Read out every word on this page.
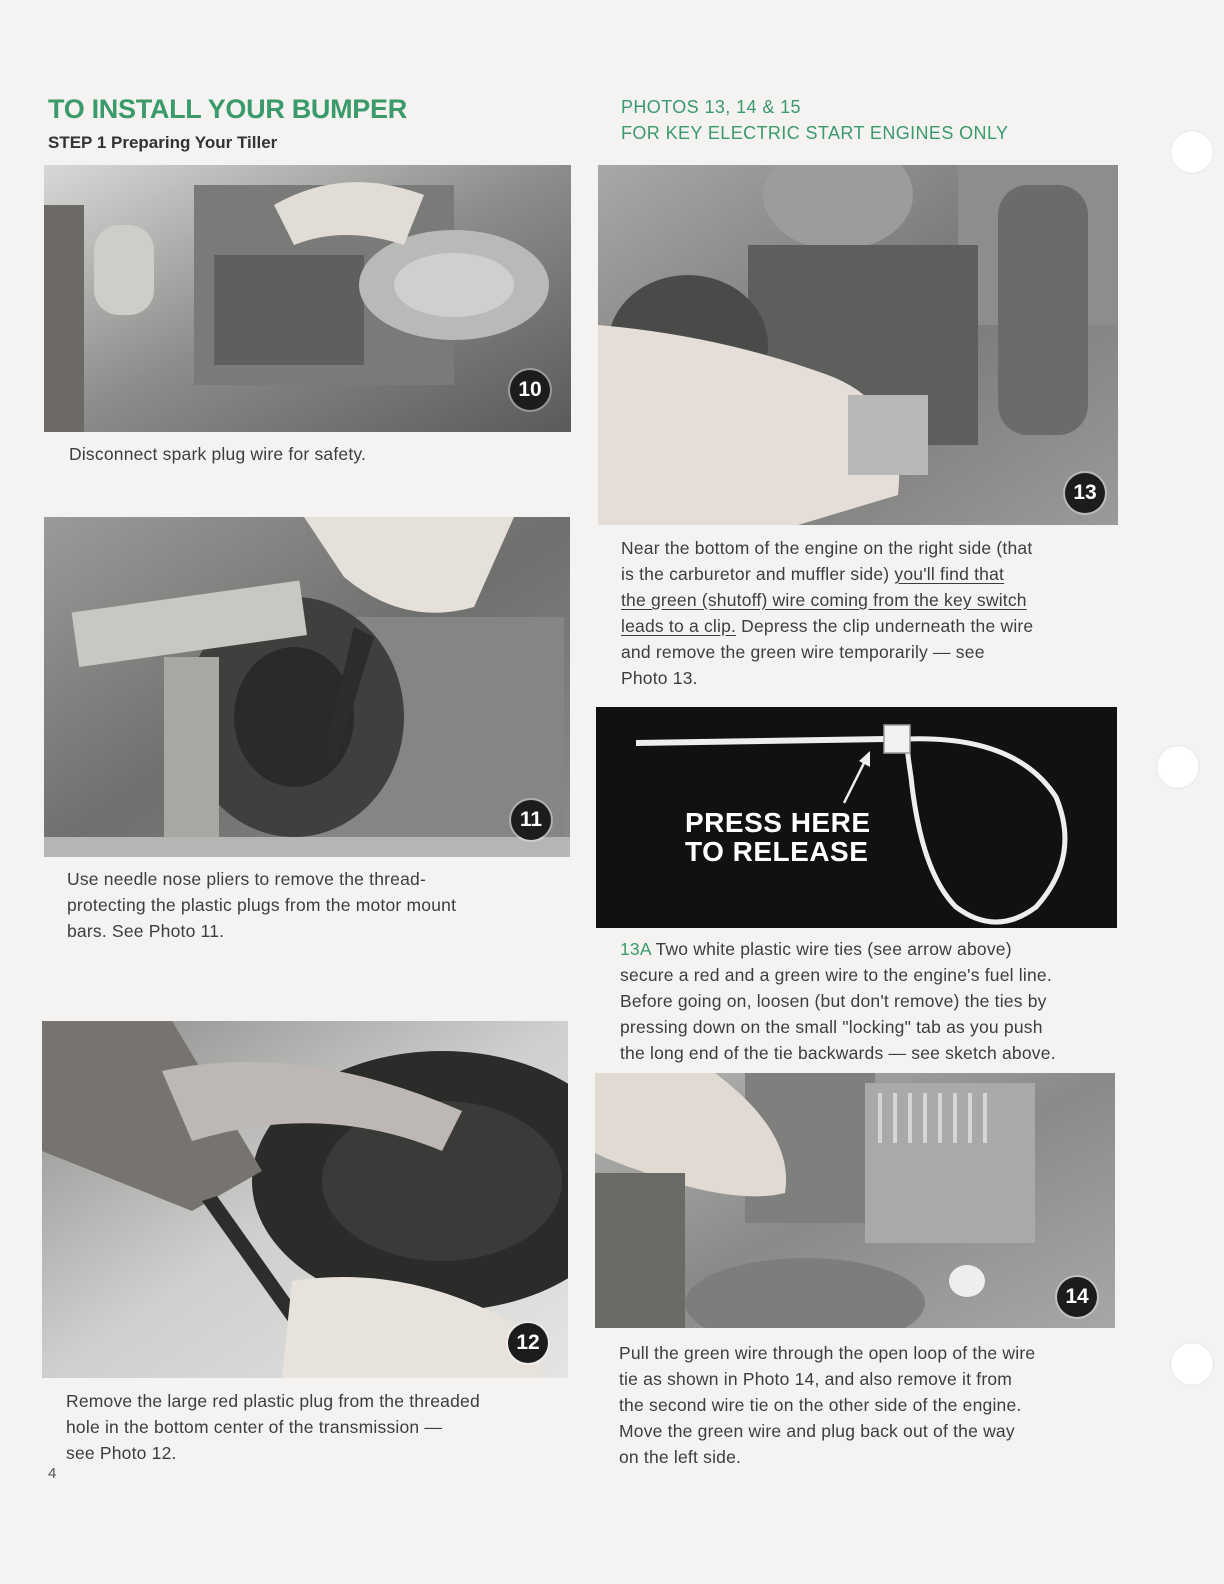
TO INSTALL YOUR BUMPER
STEP 1 Preparing Your Tiller
PHOTOS 13, 14 & 15
FOR KEY ELECTRIC START ENGINES ONLY
10
Disconnect spark plug wire for safety.
11
Use needle nose pliers to remove the thread-
protecting the plastic plugs from the motor mount
bars. See Photo 11.
12
Remove the large red plastic plug from the threaded
hole in the bottom center of the transmission —
see Photo 12.
13
Near the bottom of the engine on the right side (that
is the carburetor and muffler side) you'll find that
the green (shutoff) wire coming from the key switch
leads to a clip. Depress the clip underneath the wire
and remove the green wire temporarily — see
Photo 13.
PRESS HERE
TO RELEASE
13A Two white plastic wire ties (see arrow above)
secure a red and a green wire to the engine's fuel line.
Before going on, loosen (but don't remove) the ties by
pressing down on the small "locking" tab as you push
the long end of the tie backwards — see sketch above.
14
Pull the green wire through the open loop of the wire
tie as shown in Photo 14, and also remove it from
the second wire tie on the other side of the engine.
Move the green wire and plug back out of the way
on the left side.
4
